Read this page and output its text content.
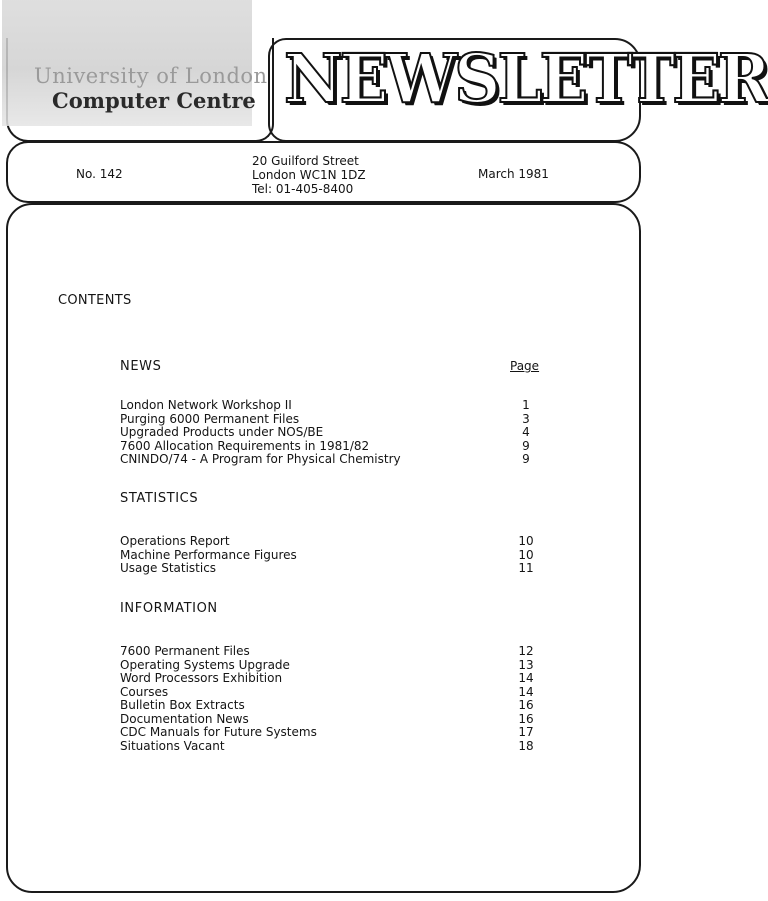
University of London
Computer Centre NEWSLETTER
No. 142
20 Guilford Street
London WC1N 1DZ
Tel: 01-405-8400
March 1981
CONTENTS
NEWS	Page
London Network Workshop II	1
Purging 6000 Permanent Files	3
Upgraded Products under NOS/BE	4
7600 Allocation Requirements in 1981/82	9
CNINDO/74 - A Program for Physical Chemistry	9
STATISTICS
Operations Report	10
Machine Performance Figures	10
Usage Statistics	11
INFORMATION
7600 Permanent Files	12
Operating Systems Upgrade	13
Word Processors Exhibition	14
Courses	14
Bulletin Box Extracts	16
Documentation News	16
CDC Manuals for Future Systems	17
Situations Vacant	18
